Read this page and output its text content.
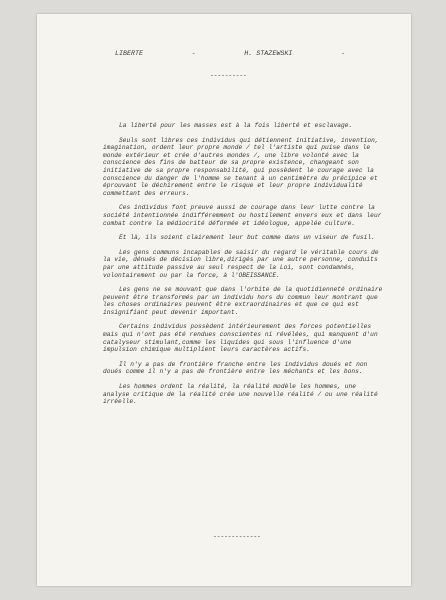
LIBERTE	-	H. STAZEWSKI	-
----------

La liberté pour les masses est à la fois liberté et esclavage.

Seuls sont libres ces individus qui détiennent initiative, invention, imagination, ordent leur propre monde / tel l'artiste qui puise dans le monde extérieur et crée d'autres mondes /, une libre volonté avec la conscience des fins de batteur de sa propre existence, changeant son initiative de sa propre responsabilité, qui possèdent le courage avec la conscience du danger de l'homme se tenant à un centimètre du précipice et éprouvant le déchirement entre le risque et leur propre individualité commettant des erreurs.

Ces individus font preuve aussi de courage dans leur lutte contre la société intentionnée indifféremment ou hostilement envers eux et dans leur combat contre la médiocrité déformée et idéologue, appelée culture.

Et là, ils soient clairement leur but comme dans un viseur de fusil.

Les gens communs incapables de saisir du regard le véritable cours de la vie, dénués de décision libre,dirigés par une autre personne, conduits par une attitude passive au seul respect de la Loi, sont condamnés, volontairement ou par la force, à l'OBEISSANCE.

Les gens ne se mouvant que dans l'orbite de la quotidienneté ordinaire peuvent être transformés par un individu hors du commun leur montrant que les choses ordinaires peuvent être extraordinaires et que ce qui est insignifiant peut devenir important.

Certains individus possèdent intérieurement des forces potentielles mais qui n'ont pas été rendues conscientes ni révélées, qui manquent d'un catalyseur stimulant,comme les liquides qui sous l'influence d'une impulsion chimique multiplient leurs caractères actifs.

Il n'y a pas de frontière franche entre les individus doués et non doués comme il n'y a pas de frontière entre les méchants et les bons.

Les hommes ordent la réalité, la réalité modèle les hommes, une analyse critique de la réalité crée une nouvelle réalité / ou une réalité irréelle.

-------------
